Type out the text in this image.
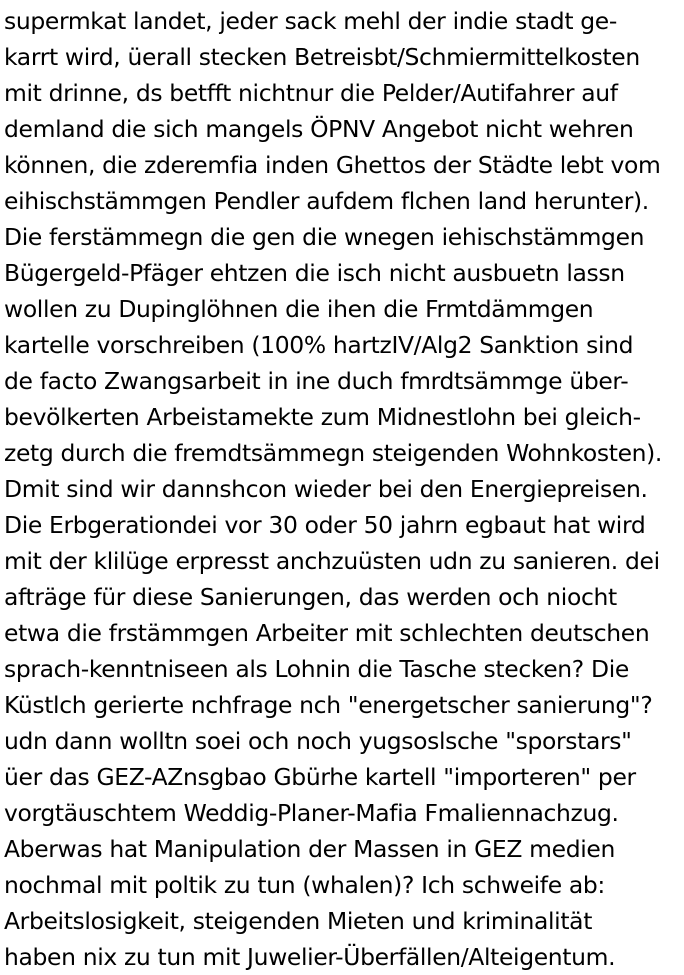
supermkat landet, jeder sack mehl der indie stadt ge-
karrt wird, üerall stecken Betreisbt/Schmiermittelkosten
mit drinne, ds betfft nichtnur die Pelder/Autifahrer auf
demland die sich mangels ÖPNV Angebot nicht wehren
können, die zderemfia inden Ghettos der Städte lebt vom
eihischstämmgen Pendler aufdem flchen land herunter).
Die ferstämmegn die gen die wnegen iehischstämmgen
Bügergeld-Pfäger ehtzen die isch nicht ausbuetn lassn
wollen zu Dupinglöhnen die ihen die Frmtdämmgen
kartelle vorschreiben (100% hartzIV/Alg2 Sanktion sind
de facto Zwangsarbeit in ine duch fmrdtsämmge über-
bevölkerten Arbeistamekte zum Midnestlohn bei gleich-
zetg durch die fremdtsämmegn steigenden Wohnkosten).
Dmit sind wir dannshcon wieder bei den Energiepreisen.
Die Erbgerationdei vor 30 oder 50 jahrn egbaut hat wird
mit der klilüge erpresst anchzuüsten udn zu sanieren. dei
afträge für diese Sanierungen, das werden och niocht
etwa die frstämmgen Arbeiter mit schlechten deutschen
sprach-kenntniseen als Lohnin die Tasche stecken? Die
Küstlch gerierte nchfrage nch "energetscher sanierung"?
udn dann wolltn soei och noch yugsoslsche "sporstars"
üer das GEZ-AZnsgbao Gbürhe kartell "importeren" per
vorgtäuschtem Weddig-Planer-Mafia Fmaliennachzug.
Aberwas hat Manipulation der Massen in GEZ medien
nochmal mit poltik zu tun (whalen)? Ich schweife ab:
Arbeitslosigkeit, steigenden Mieten und kriminalität
haben nix zu tun mit Juwelier-Überfällen/Alteigentum.
